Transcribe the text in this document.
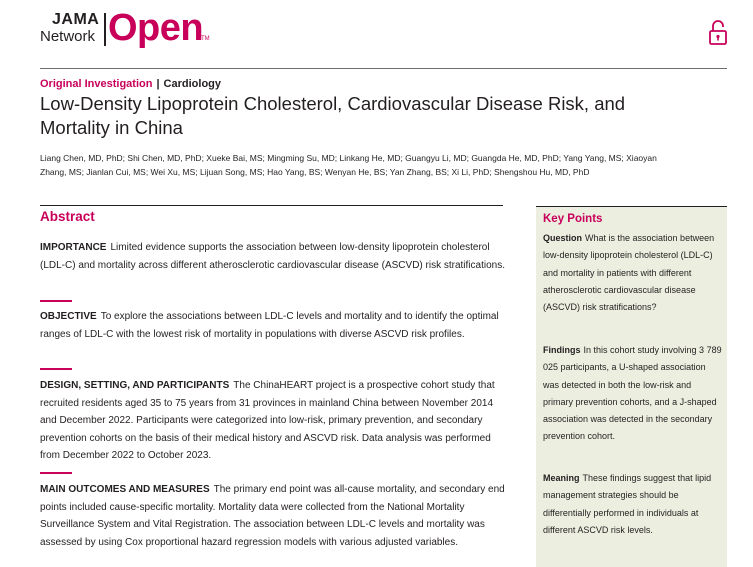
JAMA
Network Open
TM
Original Investigation | Cardiology
Low-Density Lipoprotein Cholesterol, Cardiovascular Disease Risk, and Mortality in China

Liang Chen, MD, PhD; Shi Chen, MD, PhD; Xueke Bai, MS; Mingming Su, MD; Linkang He, MD; Guangyu Li, MD; Guangda He, MD, PhD; Yang Yang, MS; Xiaoyan Zhang, MS; Jianlan Cui, MS; Wei Xu, MS; Lijuan Song, MS; Hao Yang, BS; Wenyan He, BS; Yan Zhang, BS; Xi Li, PhD; Shengshou Hu, MD, PhD

Abstract

IMPORTANCE Limited evidence supports the association between low-density lipoprotein cholesterol (LDL-C) and mortality across different atherosclerotic cardiovascular disease (ASCVD) risk stratifications.

OBJECTIVE To explore the associations between LDL-C levels and mortality and to identify the optimal ranges of LDL-C with the lowest risk of mortality in populations with diverse ASCVD risk profiles.

DESIGN, SETTING, AND PARTICIPANTS The ChinaHEART project is a prospective cohort study that recruited residents aged 35 to 75 years from 31 provinces in mainland China between November 2014 and December 2022. Participants were categorized into low-risk, primary prevention, and secondary prevention cohorts on the basis of their medical history and ASCVD risk. Data analysis was performed from December 2022 to October 2023.

MAIN OUTCOMES AND MEASURES The primary end point was all-cause mortality, and secondary end points included cause-specific mortality. Mortality data were collected from the National Mortality Surveillance System and Vital Registration. The association between LDL-C levels and mortality was assessed by using Cox proportional hazard regression models with various adjusted variables.

Key Points

Question What is the association between low-density lipoprotein cholesterol (LDL-C) and mortality in patients with different atherosclerotic cardiovascular disease (ASCVD) risk stratifications?

Findings In this cohort study involving 3 789 025 participants, a U-shaped association was detected in both the low-risk and primary prevention cohorts, and a J-shaped association was detected in the secondary prevention cohort.

Meaning These findings suggest that lipid management strategies should be differentially performed in individuals at different ASCVD risk levels.
